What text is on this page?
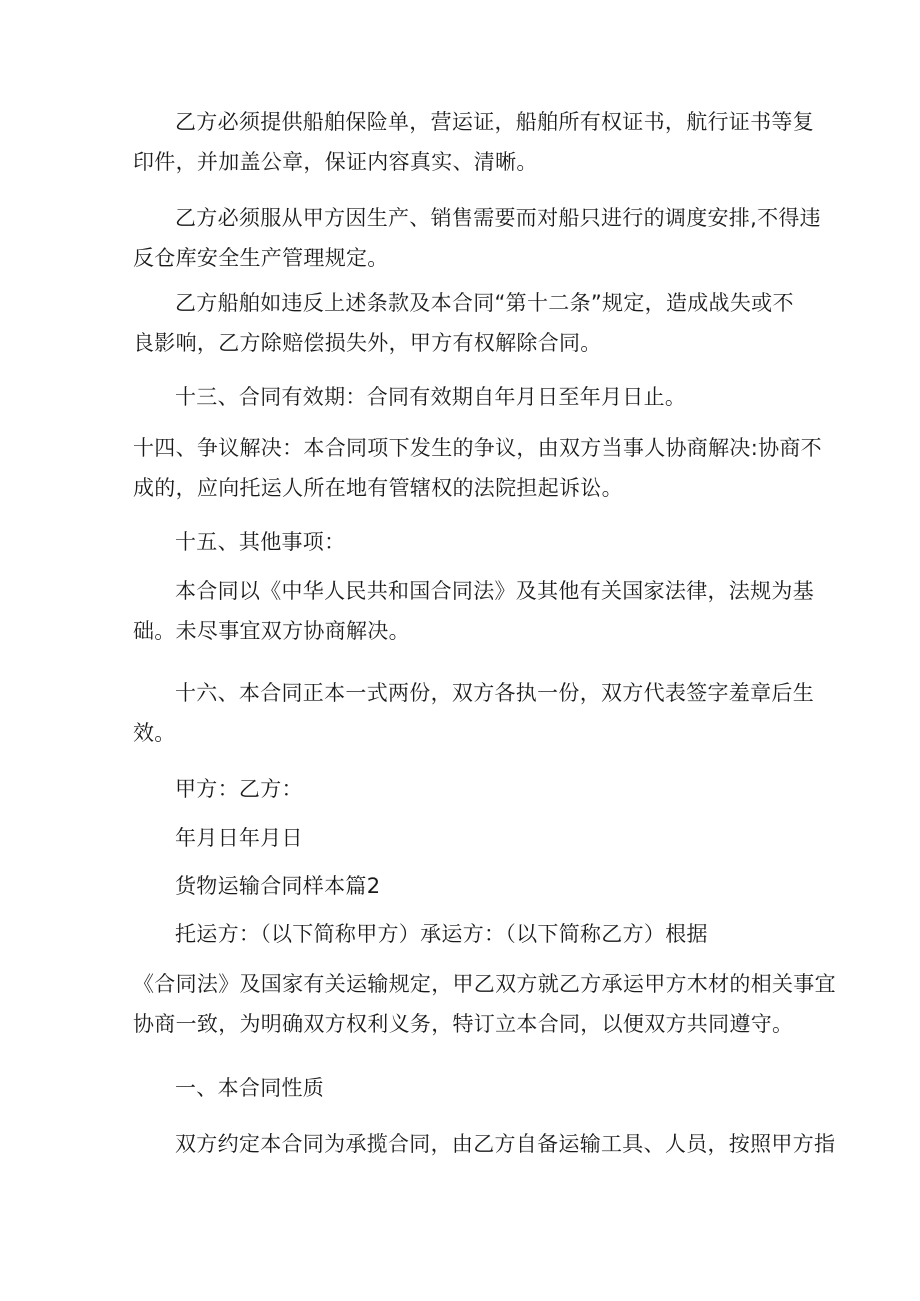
乙方必须提供船舶保险单，营运证，船舶所有权证书，航行证书等复
印件，并加盖公章，保证内容真实、清晰。

乙方必须服从甲方因生产、销售需要而对船只进行的调度安排,不得违
反仓库安全生产管理规定。

乙方船舶如违反上述条款及本合同“第十二条”规定，造成战失或不
良影响，乙方除赔偿损失外，甲方有权解除合同。

十三、合同有效期：合同有效期自年月日至年月日止。

十四、争议解决：本合同项下发生的争议，由双方当事人协商解决:协商不
成的，应向托运人所在地有管辖权的法院担起诉讼。

十五、其他事项：

本合同以《中华人民共和国合同法》及其他有关国家法律，法规为基
础。未尽事宜双方协商解决。

十六、本合同正本一式两份，双方各执一份，双方代表签字羞章后生
效。

甲方：乙方：

年月日年月日

货物运输合同样本篇2

托运方：（以下简称甲方）承运方：（以下简称乙方）根据
《合同法》及国家有关运输规定，甲乙双方就乙方承运甲方木材的相关事宜
协商一致，为明确双方权利义务，特订立本合同，以便双方共同遵守。

一、本合同性质

双方约定本合同为承揽合同，由乙方自备运输工具、人员，按照甲方指
